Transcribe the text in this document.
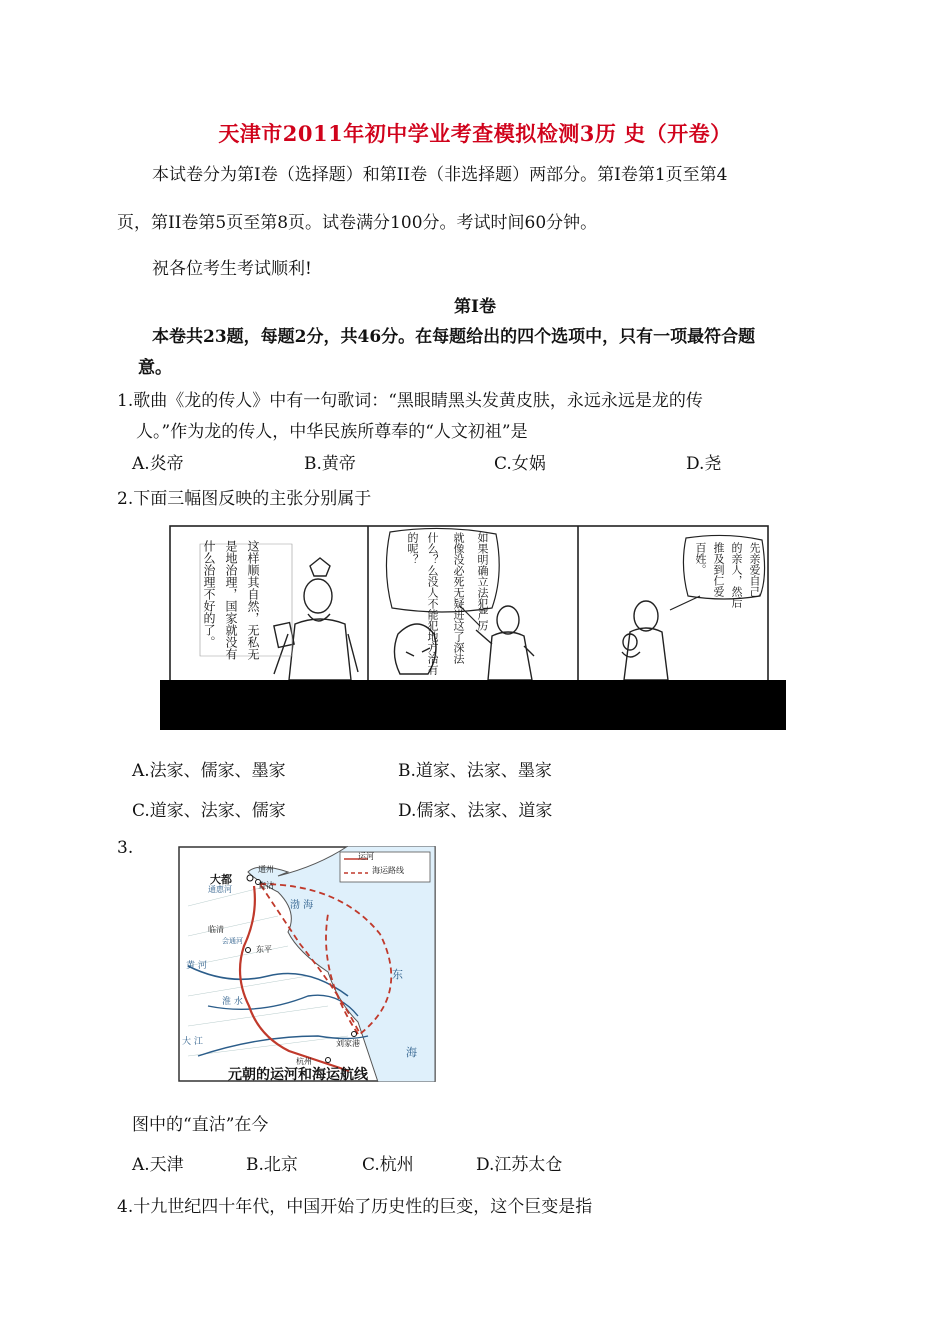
天津市2011年初中学业考查模拟检测3历 史（开卷）
本试卷分为第Ⅰ卷（选择题）和第II卷（非选择题）两部分。第Ⅰ卷第1页至第4
页，第II卷第5页至第8页。试卷满分100分。考试时间60分钟。
祝各位考生考试顺利!
第Ⅰ卷
本卷共23题，每题2分，共46分。在每题给出的四个选项中，只有一项最符合题
意。
1.歌曲《龙的传人》中有一句歌词：“黑眼睛黑头发黄皮肤，永远永远是龙的传
人。”作为龙的传人，中华民族所尊奉的“人文初祖”是
A.炎帝	B.黄帝	C.女娲	D.尧
2.下面三幅图反映的主张分别属于
什么治理不好的了。 是地治理，国家就没有 这样顺其自然，无私无	的呢？ 什么？么没人不能犯地方治有 就像没必死无疑进这了深法 如果明确立法犯严厉	百姓。 推及到仁爱 的亲人，然后 先亲爱自己
A.法家、儒家、墨家	B.道家、法家、墨家
C.道家、法家、儒家	D.儒家、法家、道家
3.	运河
海运路线
大都
通惠河
通州
直沽
渤 海
临清
会通河
东平
黄 河
东
淮 水
大 江	刘家港
杭州
海
元朝的运河和海运航线
图中的“直沽”在今
A.天津	B.北京	C.杭州	D.江苏太仓
4.十九世纪四十年代，中国开始了历史性的巨变，这个巨变是指
